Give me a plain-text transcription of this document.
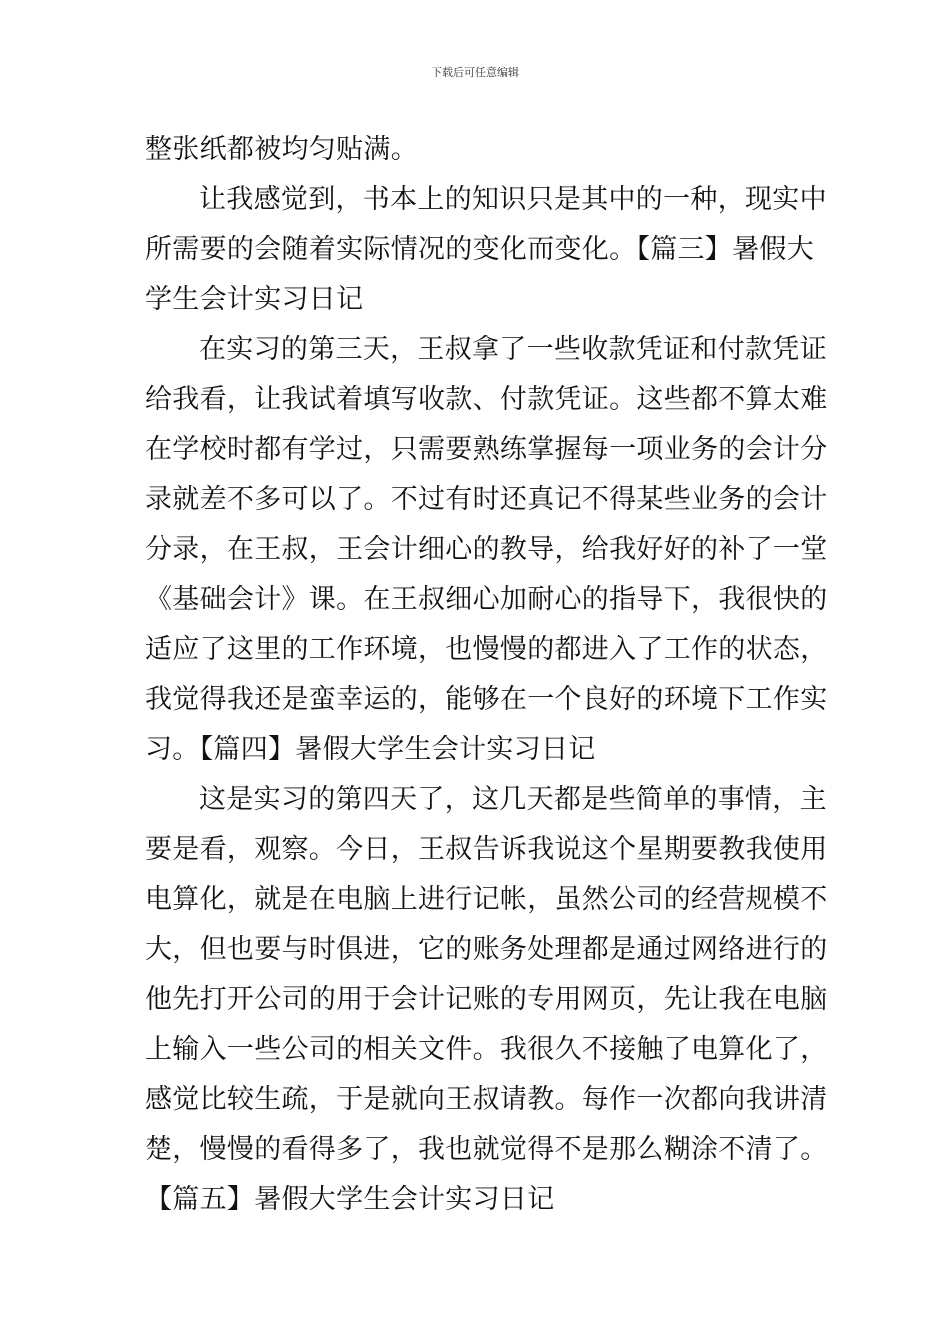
下载后可任意编辑
整张纸都被均匀贴满。
让我感觉到，书本上的知识只是其中的一种，现实中
所需要的会随着实际情况的变化而变化。【篇三】暑假大
学生会计实习日记
在实习的第三天，王叔拿了一些收款凭证和付款凭证
给我看，让我试着填写收款、付款凭证。这些都不算太难
在学校时都有学过，只需要熟练掌握每一项业务的会计分
录就差不多可以了。不过有时还真记不得某些业务的会计
分录，在王叔，王会计细心的教导，给我好好的补了一堂
《基础会计》课。在王叔细心加耐心的指导下，我很快的
适应了这里的工作环境，也慢慢的都进入了工作的状态，
我觉得我还是蛮幸运的，能够在一个良好的环境下工作实
习。【篇四】暑假大学生会计实习日记
这是实习的第四天了，这几天都是些简单的事情，主
要是看，观察。今日，王叔告诉我说这个星期要教我使用
电算化，就是在电脑上进行记帐，虽然公司的经营规模不
大，但也要与时俱进，它的账务处理都是通过网络进行的
他先打开公司的用于会计记账的专用网页，先让我在电脑
上输入一些公司的相关文件。我很久不接触了电算化了，
感觉比较生疏，于是就向王叔请教。每作一次都向我讲清
楚，慢慢的看得多了，我也就觉得不是那么糊涂不清了。
【篇五】暑假大学生会计实习日记
